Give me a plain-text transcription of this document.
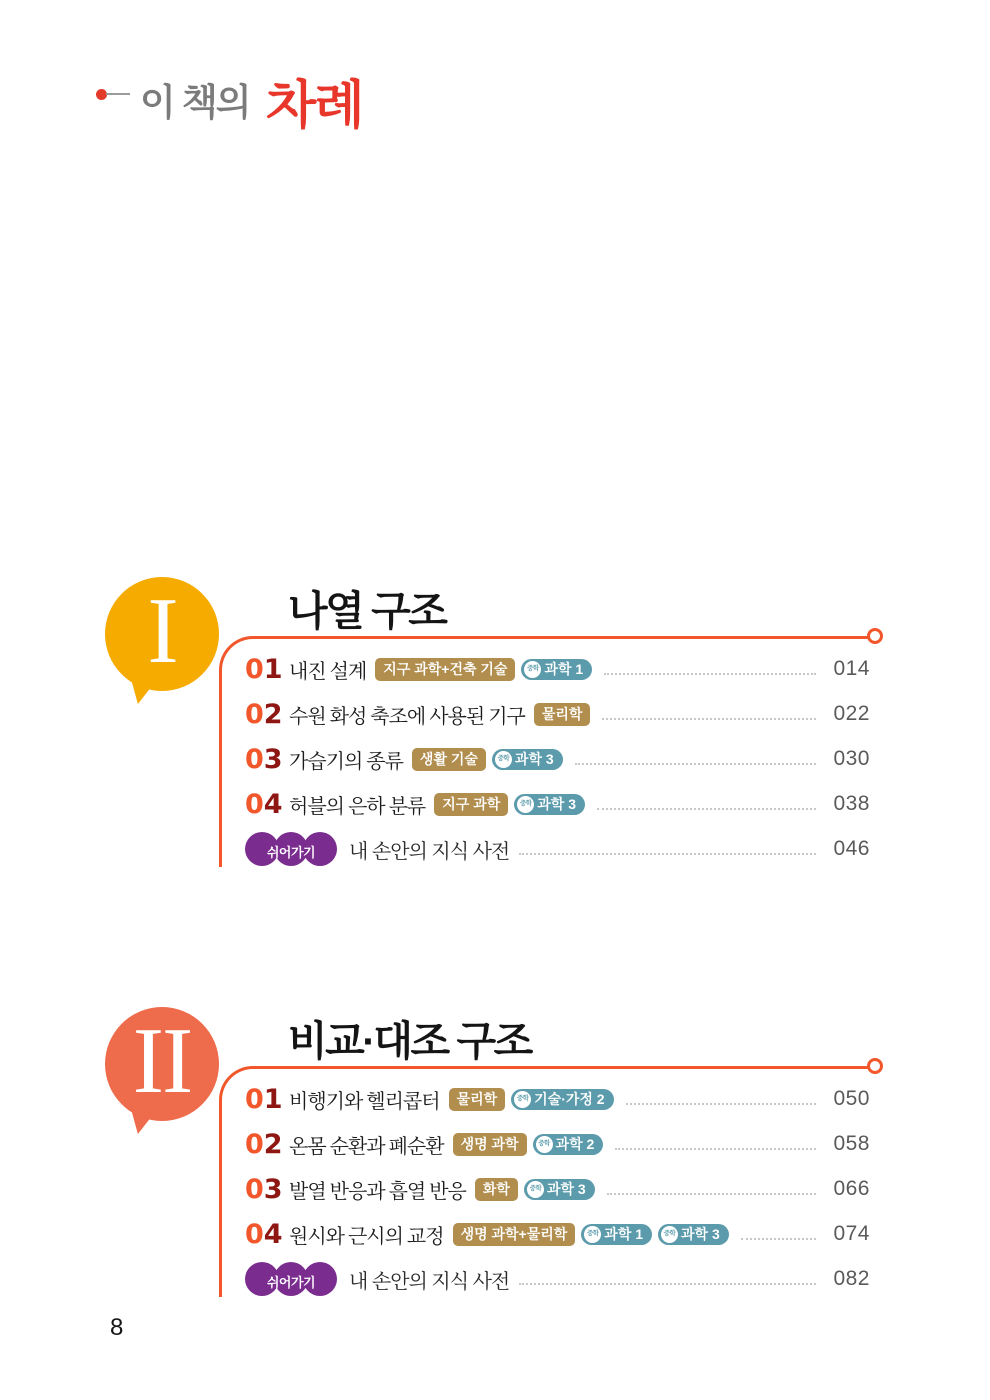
이 책의 차례
I	나열 구조
01 내진 설계	지구 과학+건축 기술	중학 과학 1	014
02 수원 화성 축조에 사용된 기구	물리학	022
03 가습기의 종류	생활 기술	중학 과학 3	030
04 허블의 은하 분류	지구 과학	중학 과학 3	038
쉬어가기	내 손안의 지식 사전	046
II 비교·대조 구조
01 비행기와 헬리콥터	물리학	중학 기술·가정 2	050
02 온몸 순환과 폐순환	생명 과학	중학 과학 2	058
03 발열 반응과 흡열 반응	화학	중학 과학 3	066
04 원시와 근시의 교정	생명 과학+물리학	중학 과학 1	중학 과학 3	074
쉬어가기	내 손안의 지식 사전	082
8
